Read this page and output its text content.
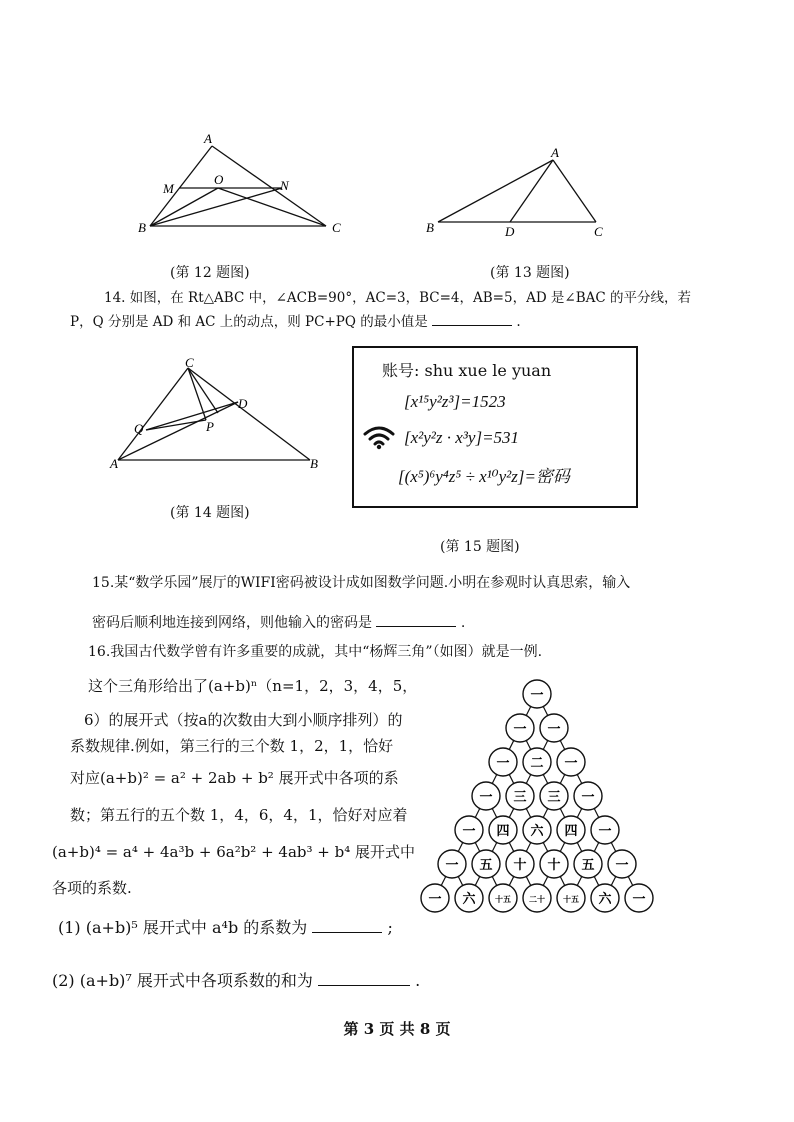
A
M
O	N
B	C
(第 12 题图)
A
B	D	C
(第 13 题图)
14. 如图，在 Rt△ABC 中，∠ACB=90°，AC=3，BC=4，AB=5，AD 是∠BAC 的平分线，若
P，Q 分别是 AD 和 AC 上的动点，则 PC+PQ 的最小值是	.
C
D
Q	P
A	B
(第 14 题图)
账号: shu xue le yuan
[x¹⁵y²z³]=1523
[x²y²z · x³y]=531
[(x⁵)⁶y⁴z⁵ ÷ x¹⁰y²z]=密码
(第 15 题图)
15.某“数学乐园”展厅的WIFI密码被设计成如图数学问题.小明在参观时认真思索，输入
密码后顺利地连接到网络，则他输入的密码是	.
16.我国古代数学曾有许多重要的成就，其中“杨辉三角”（如图）就是一例.
这个三角形给出了(a+b)ⁿ（n=1，2，3，4，5，
6）的展开式（按a的次数由大到小顺序排列）的
系数规律.例如，第三行的三个数 1，2，1，恰好
对应(a+b)² = a² + 2ab + b² 展开式中各项的系
数；第五行的五个数 1，4，6，4，1，恰好对应着
(a+b)⁴ = a⁴ + 4a³b + 6a²b² + 4ab³ + b⁴ 展开式中
各项的系数.
(1) (a+b)⁵ 展开式中 a⁴b 的系数为	;
(2) (a+b)⁷ 展开式中各项系数的和为	.
一
一 一
一 二 一
一 三 三 一
一 四 六 四 一
一 五 十 十 五 一
一 六 十五 二十 十五 六 一
第 3 页 共 8 页
